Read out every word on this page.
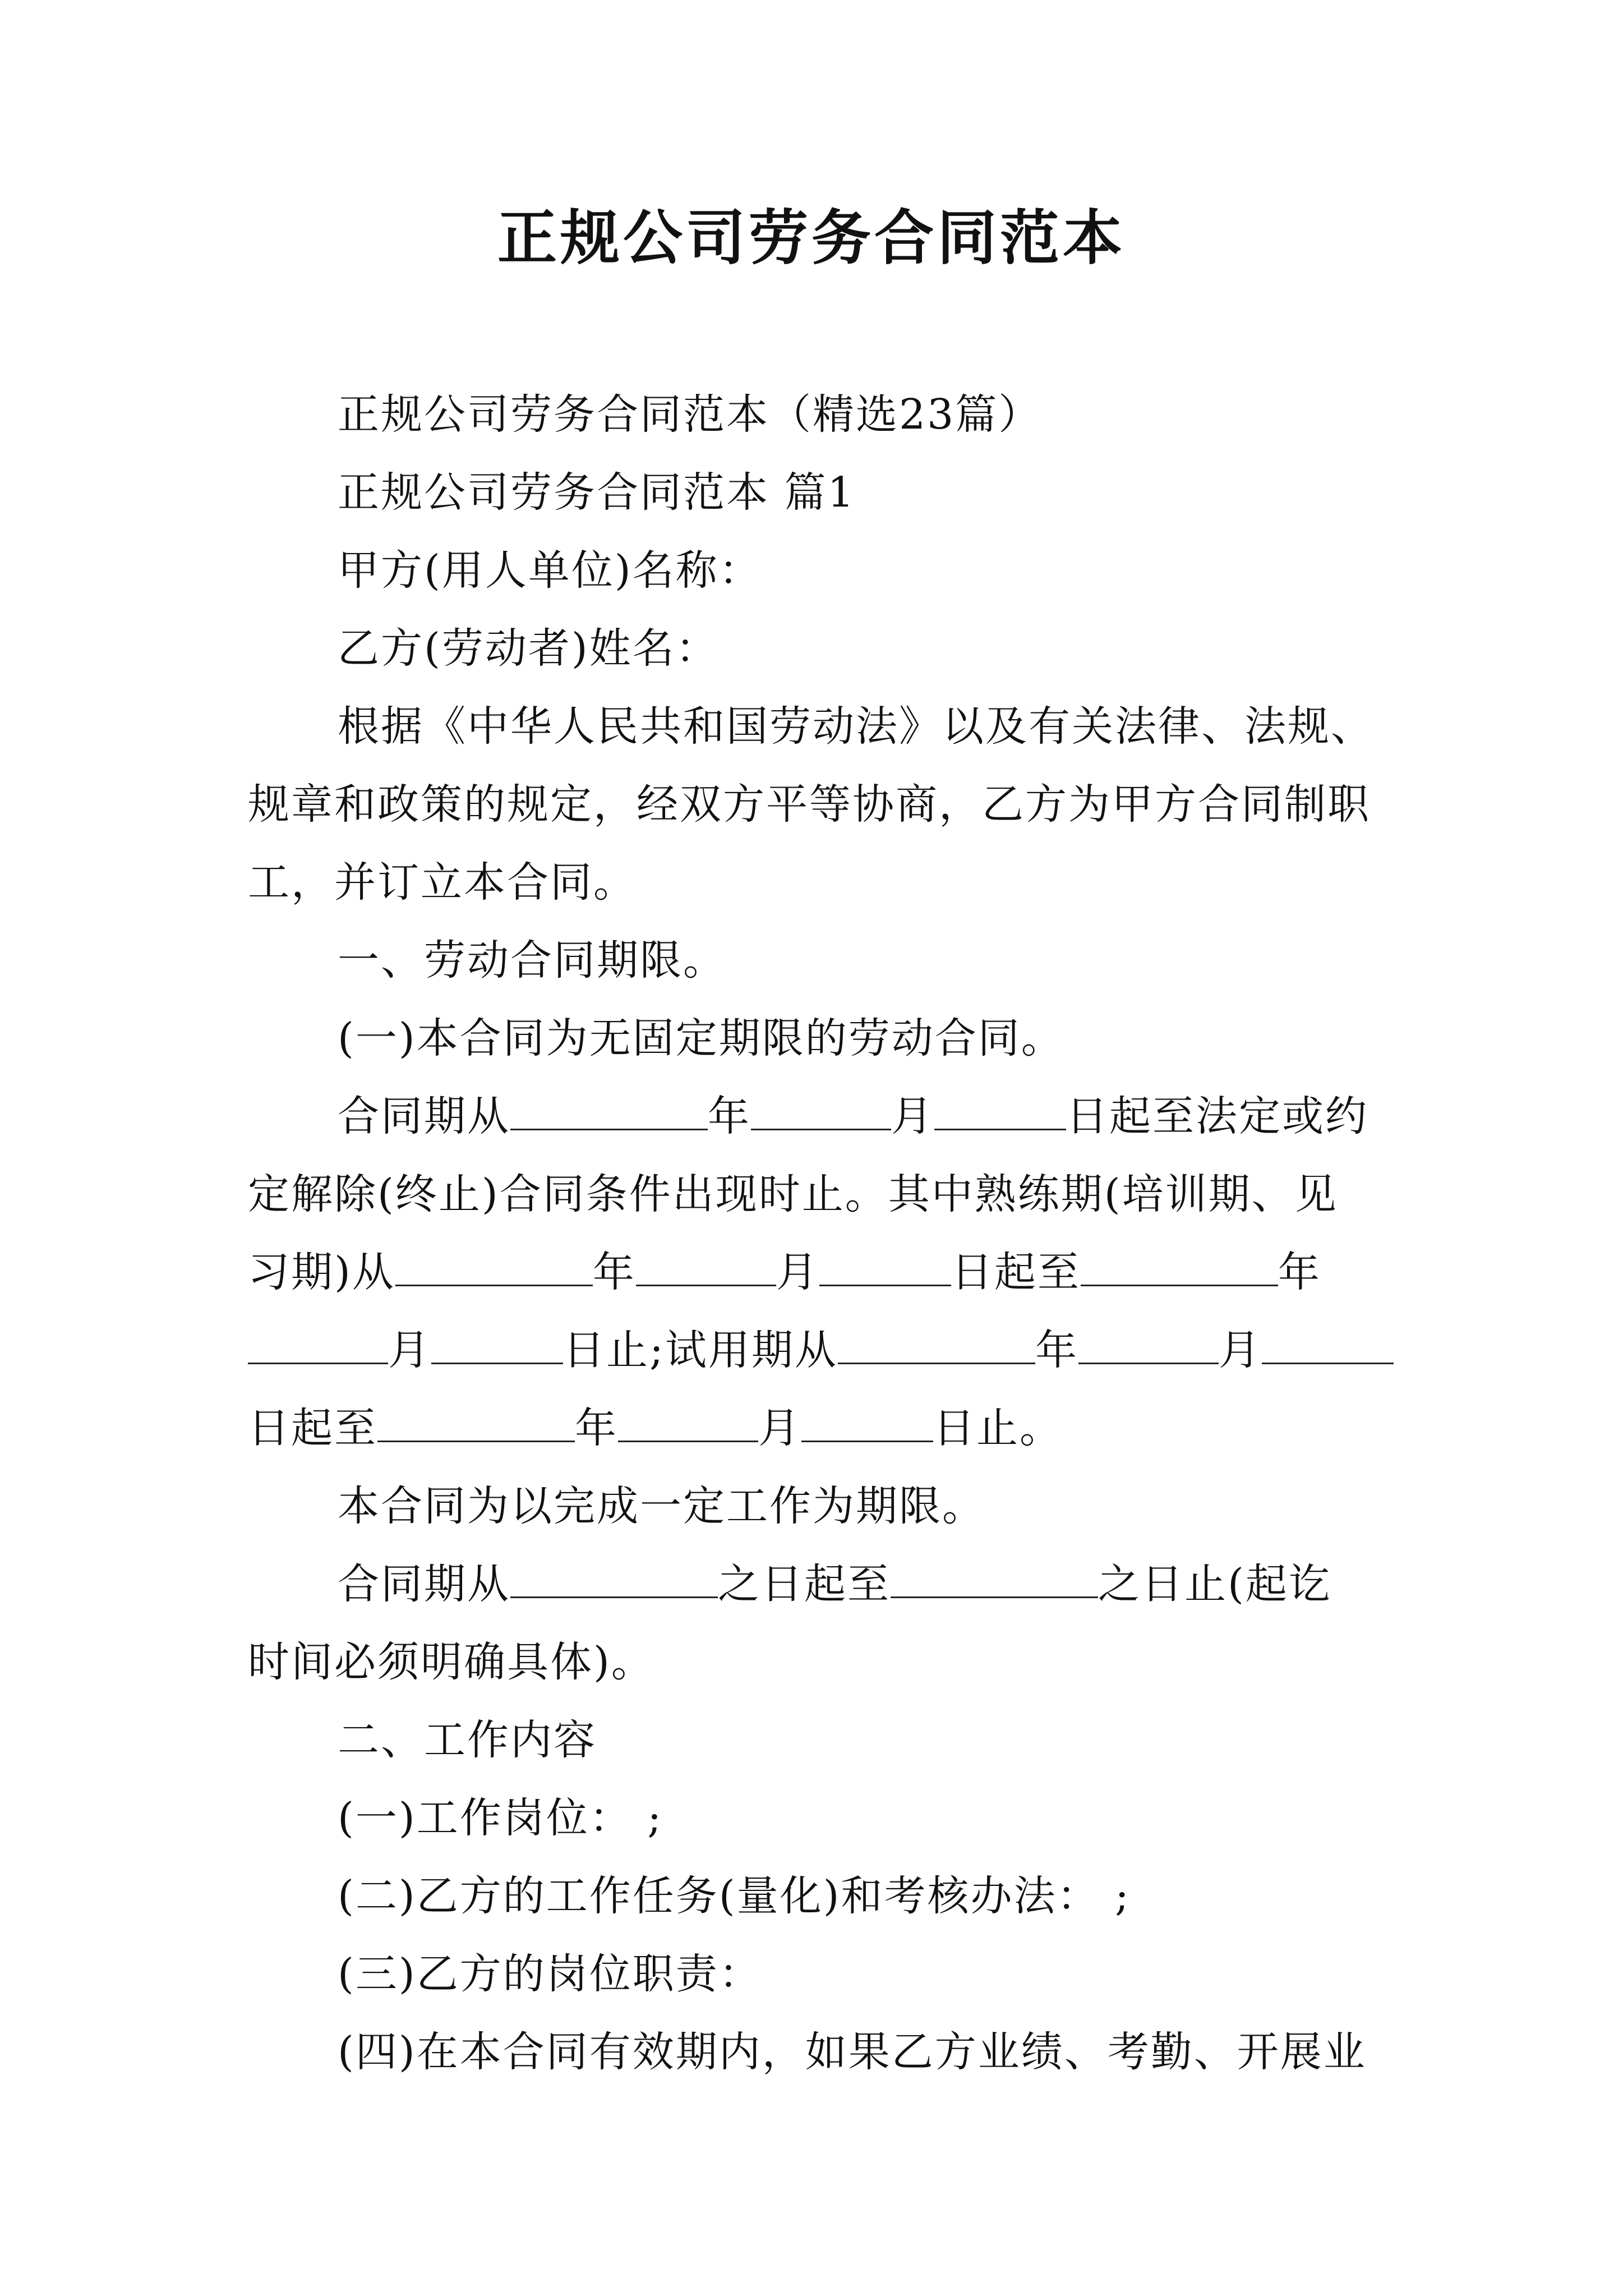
正规公司劳务合同范本

正规公司劳务合同范本（精选23篇）

正规公司劳务合同范本 篇1

甲方(用人单位)名称：

乙方(劳动者)姓名：

根据《中华人民共和国劳动法》以及有关法律、法规、

规章和政策的规定，经双方平等协商，乙方为甲方合同制职

工，并订立本合同。

一、劳动合同期限。

(一)本合同为无固定期限的劳动合同。

合同期从	年	月	日起至法定或约

定解除(终止)合同条件出现时止。其中熟练期(培训期、见

习期)从	年	月	日起至	年

月	日止;试用期从	年	月

日起至	年	月	日止。

本合同为以完成一定工作为期限。

合同期从	之日起至	之日止(起讫

时间必须明确具体)。

二、工作内容

(一)工作岗位： ;

(二)乙方的工作任务(量化)和考核办法： ;

(三)乙方的岗位职责：

(四)在本合同有效期内，如果乙方业绩、考勤、开展业
